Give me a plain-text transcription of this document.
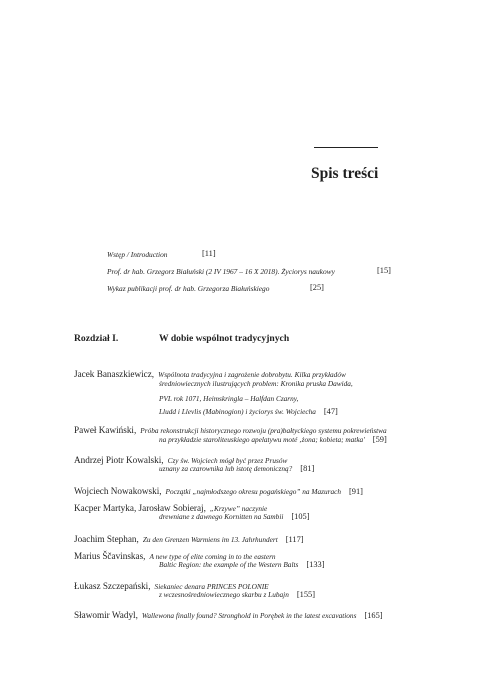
Spis treści
Wstęp / Introduction	[11]
Prof. dr hab. Grzegorz Białuński (2 IV 1967 – 16 X 2018). Życiorys naukowy	[15]
Wykaz publikacji prof. dr hab. Grzegorza Białuńskiego	[25]
Rozdział I.	W dobie wspólnot tradycyjnych
Jacek Banaszkiewicz, Wspólnota tradycyjna i zagrożenie dobrobytu. Kilka przykładów
średniowiecznych ilustrujących problem: Kronika pruska Dawida,
PVL rok 1071, Heimskringla – Halfdan Czarny,
Lludd i Llevlis (Mabinogion) i życiorys św. Wojciecha [47]
Paweł Kawiński, Próba rekonstrukcji historycznego rozwoju (pra)bałtyckiego systemu pokrewieństwa
na przykładzie staroliteuskiego apelatywu moté ‚żona; kobieta; matka' [59]
Andrzej Piotr Kowalski, Czy św. Wojciech mógł być przez Prusów
uznany za czarownika lub istotę demoniczną? [81]
Wojciech Nowakowski, Początki „najmłodszego okresu pogańskiego” na Mazurach [91]
Kacper Martyka, Jarosław Sobieraj, „Krzywe” naczynie
drewniane z dawnego Kornitten na Sambii [105]
Joachim Stephan, Zu den Grenzen Warmiens im 13. Jahrhundert [117]
Marius Ščavinskas, A new type of elite coming in to the eastern
Baltic Region: the example of the Western Balts [133]
Łukasz Szczepański, Siekaniec denara PRINCES POLONIE
z wczesnośredniowiecznego skarbu z Lubajn [155]
Sławomir Wadyl, Wallewona finally found? Stronghold in Porębek in the latest excavations [165]
